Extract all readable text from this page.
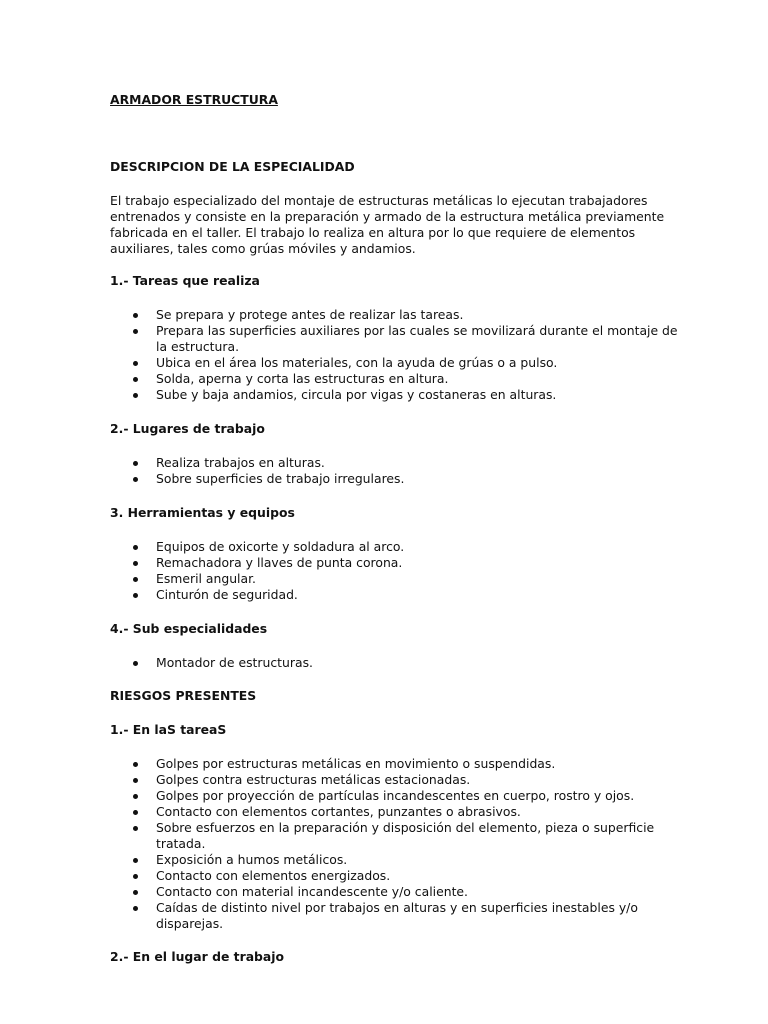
ARMADOR ESTRUCTURA
DESCRIPCION DE LA ESPECIALIDAD

El trabajo especializado del montaje de estructuras metálicas lo ejecutan trabajadores entrenados y consiste en la preparación y armado de la estructura metálica previamente fabricada en el taller. El trabajo lo realiza en altura por lo que requiere de elementos auxiliares, tales como grúas móviles y andamios.

1.- Tareas que realiza
Se prepara y protege antes de realizar las tareas.
Prepara las superficies auxiliares por las cuales se movilizará durante el montaje de la estructura.
Ubica en el área los materiales, con la ayuda de grúas o a pulso.
Solda, aperna y corta las estructuras en altura.
Sube y baja andamios, circula por vigas y costaneras en alturas.
2.- Lugares de trabajo
Realiza trabajos en alturas.
Sobre superficies de trabajo irregulares.
3. Herramientas y equipos
Equipos de oxicorte y soldadura al arco.
Remachadora y llaves de punta corona.
Esmeril angular.
Cinturón de seguridad.
4.- Sub especialidades
Montador de estructuras.
RIESGOS PRESENTES
1.- En laS tareaS
Golpes por estructuras metálicas en movimiento o suspendidas.
Golpes contra estructuras metálicas estacionadas.
Golpes por proyección de partículas incandescentes en cuerpo, rostro y ojos.
Contacto con elementos cortantes, punzantes o abrasivos.
Sobre esfuerzos en la preparación y disposición del elemento, pieza o superficie tratada.
Exposición a humos metálicos.
Contacto con elementos energizados.
Contacto con material incandescente y/o caliente.
Caídas de distinto nivel por trabajos en alturas y en superficies inestables y/o disparejas.
2.- En el lugar de trabajo
